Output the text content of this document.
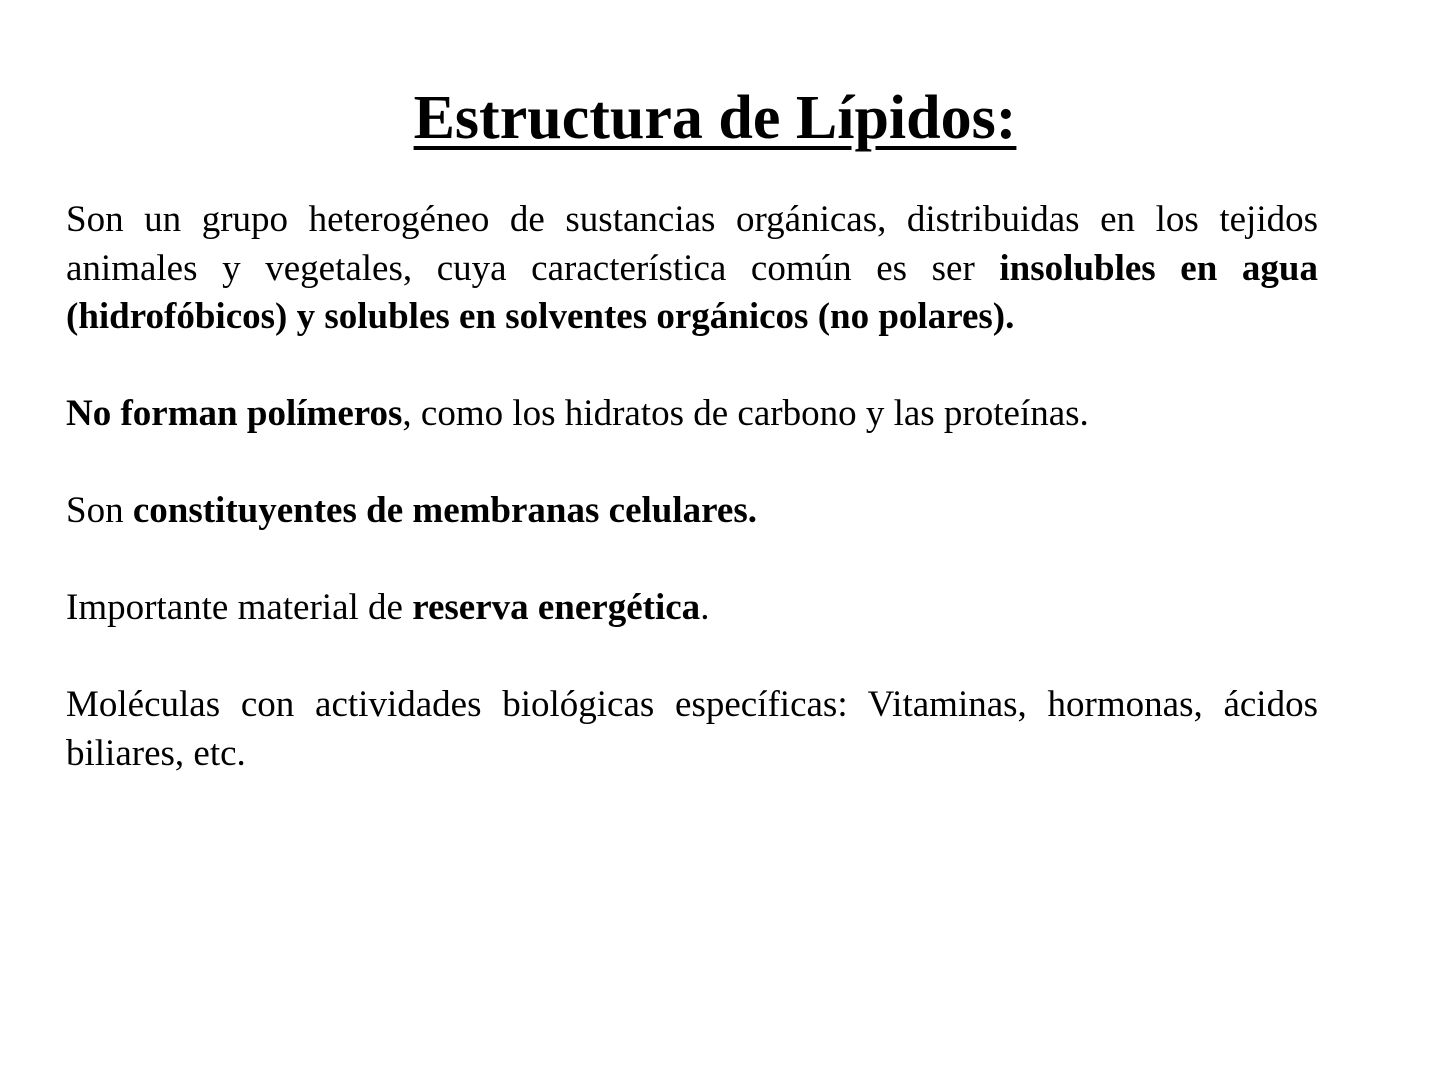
Estructura de Lípidos:

Son un grupo heterogéneo de sustancias orgánicas, distribuidas en los tejidos animales y vegetales, cuya característica común es ser insolubles en agua (hidrofóbicos) y solubles en solventes orgánicos (no polares).

No forman polímeros, como los hidratos de carbono y las proteínas.

Son constituyentes de membranas celulares.

Importante material de reserva energética.

Moléculas con actividades biológicas específicas: Vitaminas, hormonas, ácidos biliares, etc.
